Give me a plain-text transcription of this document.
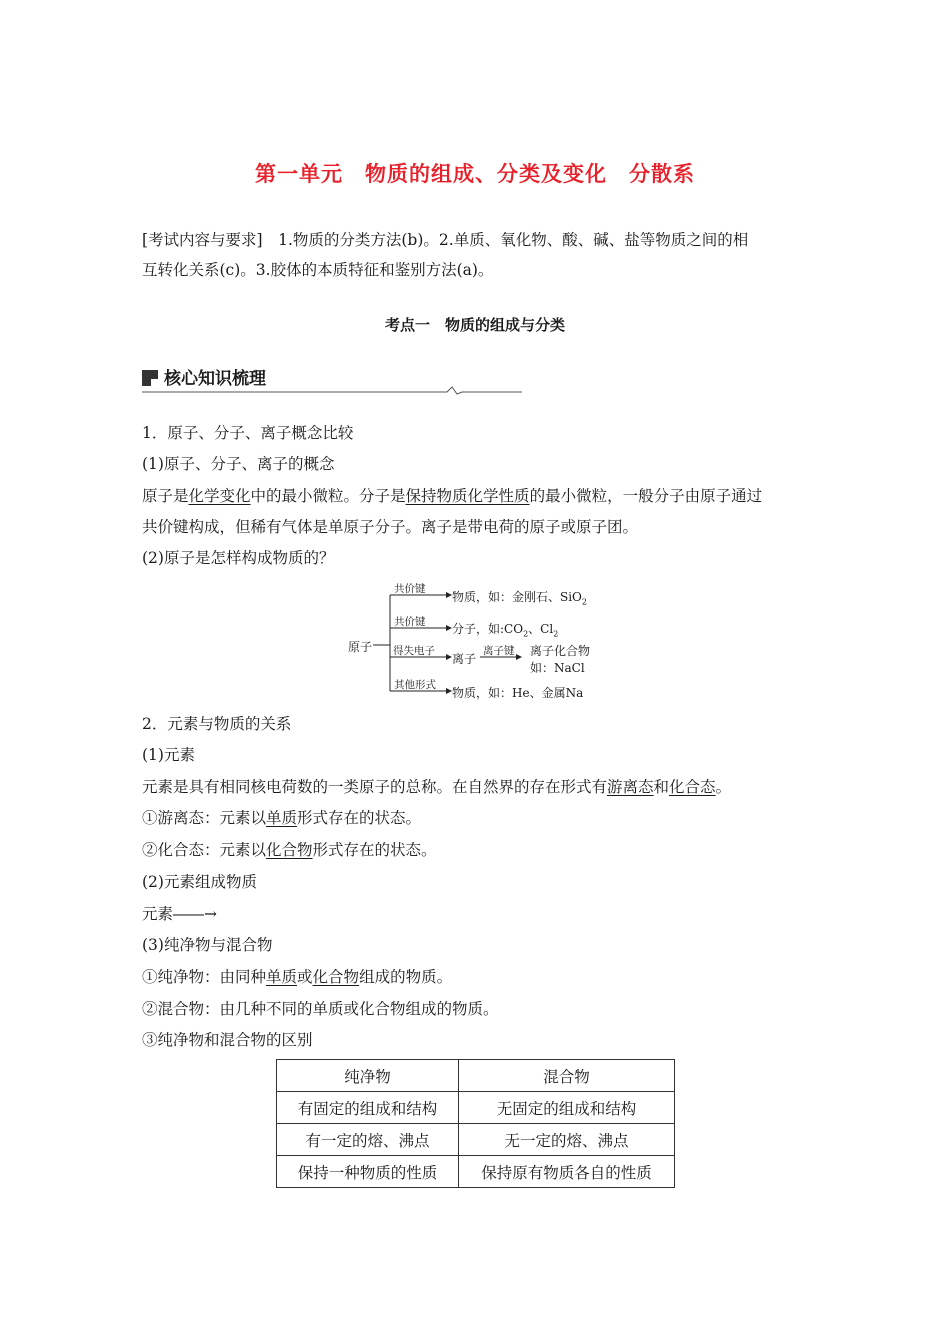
第一单元　物质的组成、分类及变化　分散系
[考试内容与要求]　1.物质的分类方法(b)。2.单质、氧化物、酸、碱、盐等物质之间的相
互转化关系(c)。3.胶体的本质特征和鉴别方法(a)。
考点一　物质的组成与分类
核心知识梳理
1．原子、分子、离子概念比较
(1)原子、分子、离子的概念
原子是化学变化中的最小微粒。分子是保持物质化学性质的最小微粒，一般分子由原子通过
共价键构成，但稀有气体是单原子分子。离子是带电荷的原子或原子团。
(2)原子是怎样构成物质的？
原子
共价键
物质，如：金刚石、SiO$_2$
共价键 分子，如$:CO_2$、$Cl_2$
得失电子
离子
离子键 离子化合物
如：NaCl
其他形式
物质，如：He、金属Na
2．元素与物质的关系
(1)元素
元素是具有相同核电荷数的一类原子的总称。在自然界的存在形式有游离态和化合态。
①游离态：元素以单质形式存在的状态。
②化合态：元素以化合物形式存在的状态。
(2)元素组成物质
元素――→
(3)纯净物与混合物
①纯净物：由同种单质或化合物组成的物质。
②混合物：由几种不同的单质或化合物组成的物质。
③纯净物和混合物的区别
纯净物	混合物
有固定的组成和结构	无固定的组成和结构
有一定的熔、沸点	无一定的熔、沸点
保持一种物质的性质	保持原有物质各自的性质
